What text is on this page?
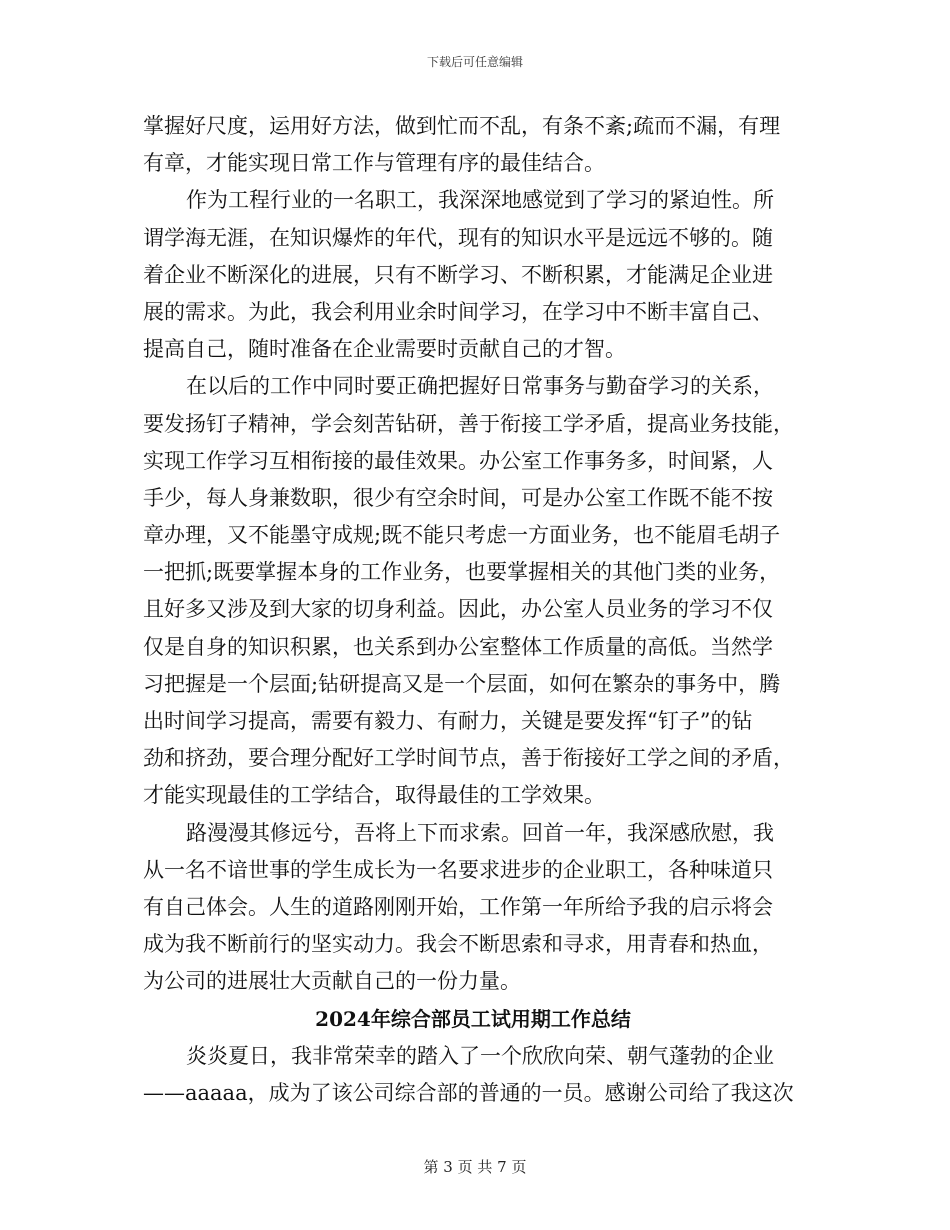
下载后可任意编辑
掌握好尺度，运用好方法，做到忙而不乱，有条不紊;疏而不漏，有理
有章，才能实现日常工作与管理有序的最佳结合。
作为工程行业的一名职工，我深深地感觉到了学习的紧迫性。所
谓学海无涯，在知识爆炸的年代，现有的知识水平是远远不够的。随
着企业不断深化的进展，只有不断学习、不断积累，才能满足企业进
展的需求。为此，我会利用业余时间学习，在学习中不断丰富自己、
提高自己，随时准备在企业需要时贡献自己的才智。
在以后的工作中同时要正确把握好日常事务与勤奋学习的关系，
要发扬钉子精神，学会刻苦钻研，善于衔接工学矛盾，提高业务技能，
实现工作学习互相衔接的最佳效果。办公室工作事务多，时间紧，人
手少，每人身兼数职，很少有空余时间，可是办公室工作既不能不按
章办理，又不能墨守成规;既不能只考虑一方面业务，也不能眉毛胡子
一把抓;既要掌握本身的工作业务，也要掌握相关的其他门类的业务，
且好多又涉及到大家的切身利益。因此，办公室人员业务的学习不仅
仅是自身的知识积累，也关系到办公室整体工作质量的高低。当然学
习把握是一个层面;钻研提高又是一个层面，如何在繁杂的事务中，腾
出时间学习提高，需要有毅力、有耐力，关键是要发挥“钉子”的钻
劲和挤劲，要合理分配好工学时间节点，善于衔接好工学之间的矛盾，
才能实现最佳的工学结合，取得最佳的工学效果。
路漫漫其修远兮，吾将上下而求索。回首一年，我深感欣慰，我
从一名不谙世事的学生成长为一名要求进步的企业职工，各种味道只
有自己体会。人生的道路刚刚开始，工作第一年所给予我的启示将会
成为我不断前行的坚实动力。我会不断思索和寻求，用青春和热血，
为公司的进展壮大贡献自己的一份力量。
2024年综合部员工试用期工作总结
炎炎夏日，我非常荣幸的踏入了一个欣欣向荣、朝气蓬勃的企业
——aaaaa，成为了该公司综合部的普通的一员。感谢公司给了我这次
第 3 页 共 7 页
